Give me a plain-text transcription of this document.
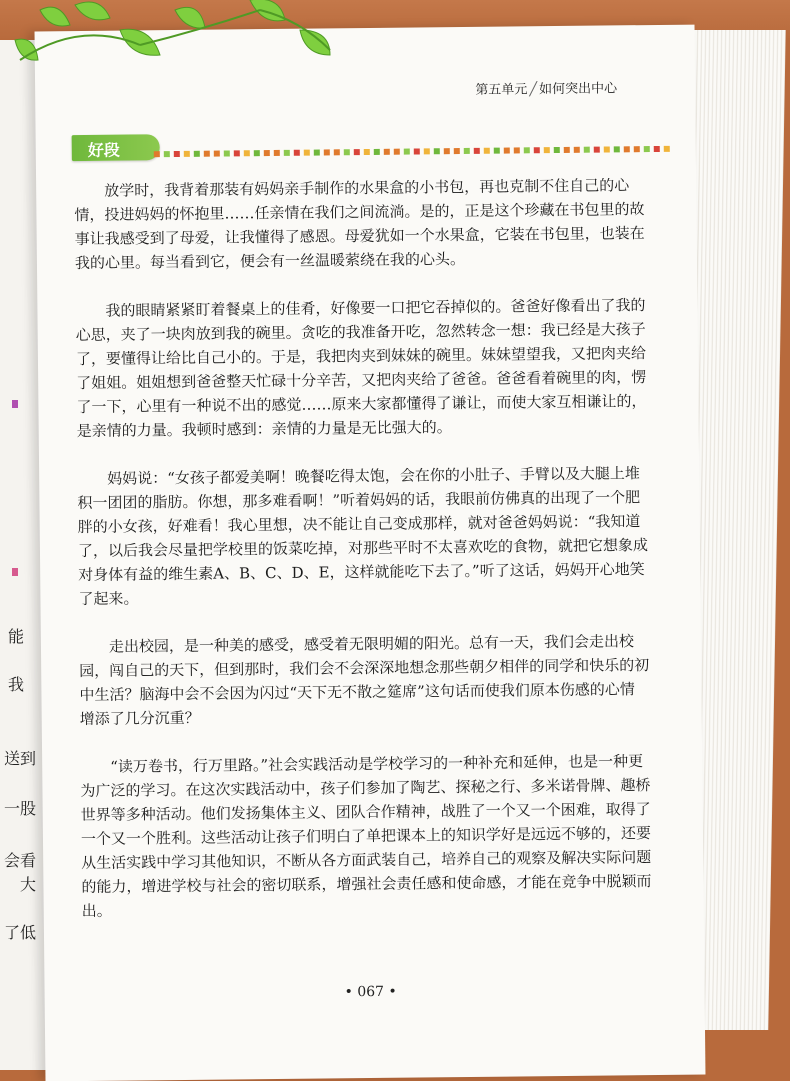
能
我
送到
一股
会看
大
了低
第五单元 ╱ 如何突出中心
好段

放学时，我背着那装有妈妈亲手制作的水果盒的小书包，再也克制不住自己的心情，投进妈妈的怀抱里……任亲情在我们之间流淌。是的，正是这个珍藏在书包里的故事让我感受到了母爱，让我懂得了感恩。母爱犹如一个水果盒，它装在书包里，也装在我的心里。每当看到它，便会有一丝温暖萦绕在我的心头。

我的眼睛紧紧盯着餐桌上的佳肴，好像要一口把它吞掉似的。爸爸好像看出了我的心思，夹了一块肉放到我的碗里。贪吃的我准备开吃，忽然转念一想：我已经是大孩子了，要懂得让给比自己小的。于是，我把肉夹到妹妹的碗里。妹妹望望我，又把肉夹给了姐姐。姐姐想到爸爸整天忙碌十分辛苦，又把肉夹给了爸爸。爸爸看着碗里的肉，愣了一下，心里有一种说不出的感觉……原来大家都懂得了谦让，而使大家互相谦让的，是亲情的力量。我顿时感到：亲情的力量是无比强大的。

妈妈说：“女孩子都爱美啊！晚餐吃得太饱，会在你的小肚子、手臂以及大腿上堆积一团团的脂肪。你想，那多难看啊！”听着妈妈的话，我眼前仿佛真的出现了一个肥胖的小女孩，好难看！我心里想，决不能让自己变成那样，就对爸爸妈妈说：“我知道了，以后我会尽量把学校里的饭菜吃掉，对那些平时不太喜欢吃的食物，就把它想象成对身体有益的维生素A、B、C、D、E，这样就能吃下去了。”听了这话，妈妈开心地笑了起来。

走出校园，是一种美的感受，感受着无限明媚的阳光。总有一天，我们会走出校园，闯自己的天下，但到那时，我们会不会深深地想念那些朝夕相伴的同学和快乐的初中生活？脑海中会不会因为闪过“天下无不散之筵席”这句话而使我们原本伤感的心情增添了几分沉重？

“读万卷书，行万里路。”社会实践活动是学校学习的一种补充和延伸，也是一种更为广泛的学习。在这次实践活动中，孩子们参加了陶艺、探秘之行、多米诺骨牌、趣桥世界等多种活动。他们发扬集体主义、团队合作精神，战胜了一个又一个困难，取得了一个又一个胜利。这些活动让孩子们明白了单把课本上的知识学好是远远不够的，还要从生活实践中学习其他知识，不断从各方面武装自己，培养自己的观察及解决实际问题的能力，增进学校与社会的密切联系，增强社会责任感和使命感，才能在竞争中脱颖而出。

• 067 •
